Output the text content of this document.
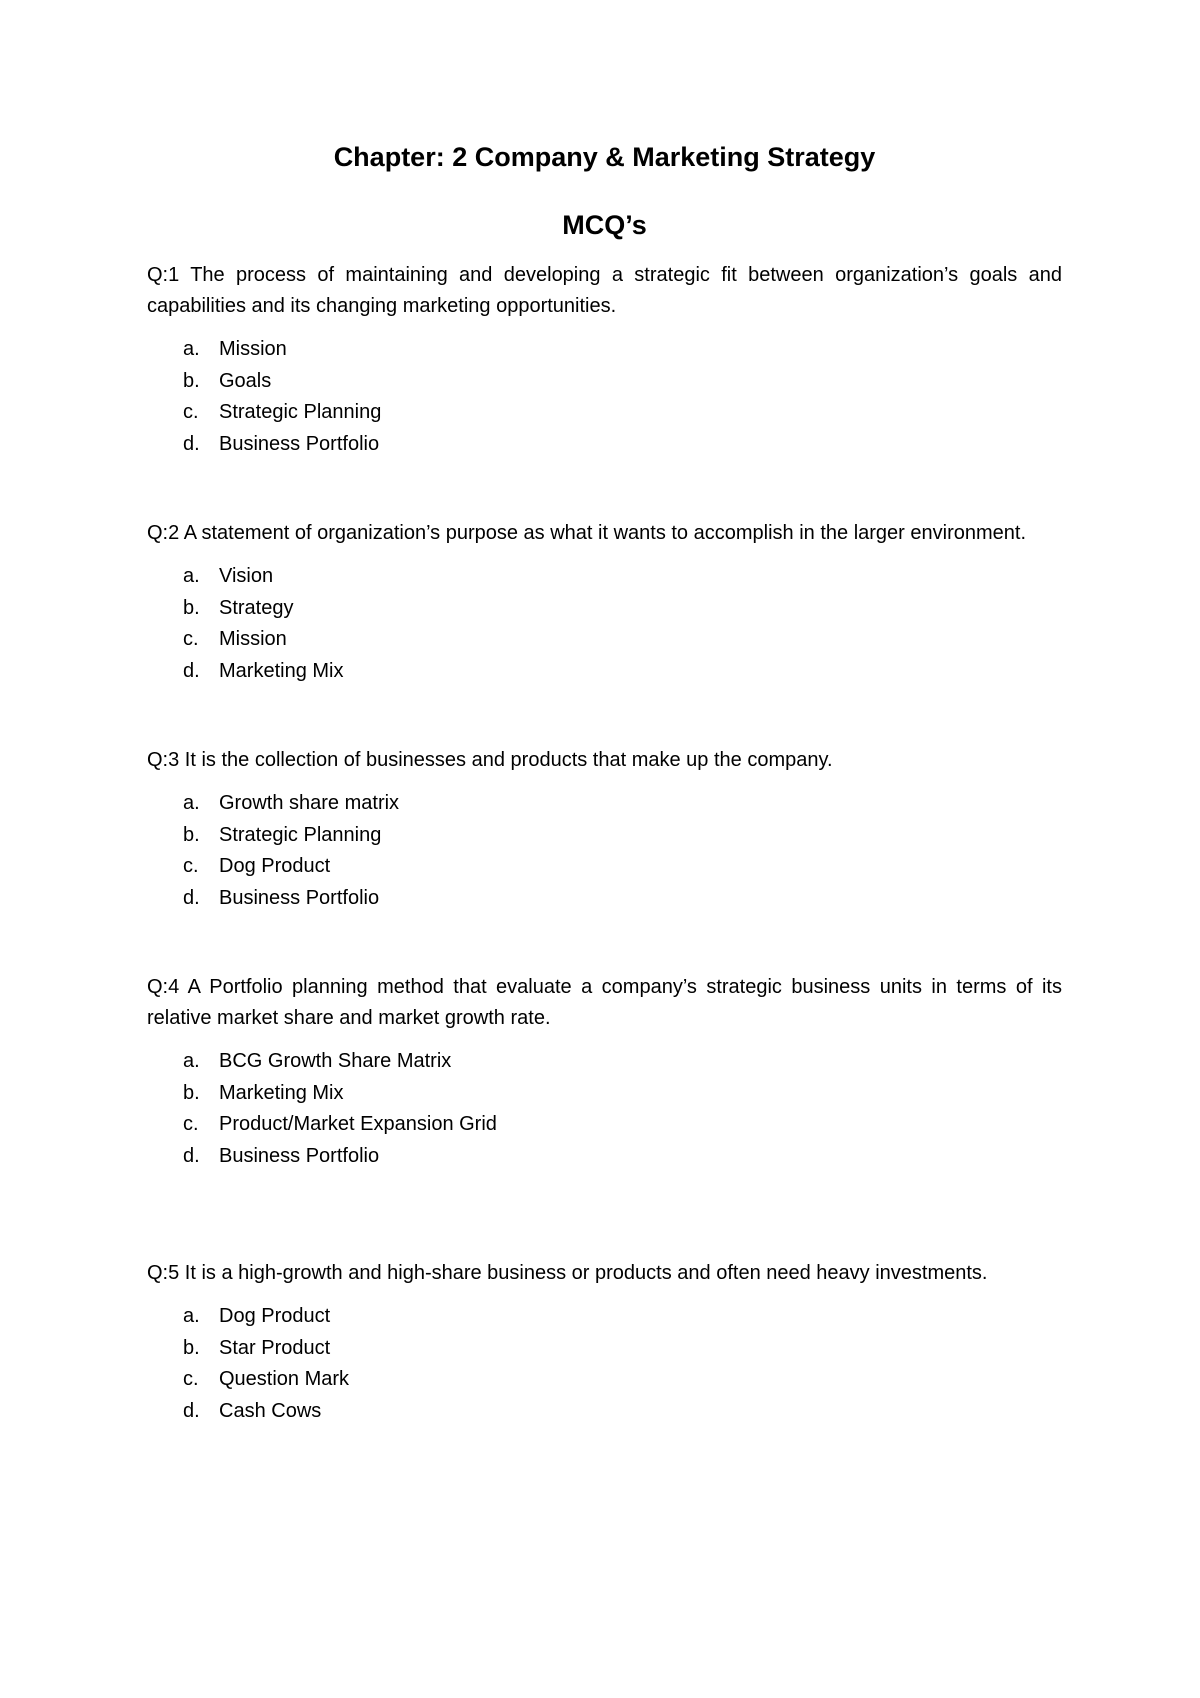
Chapter: 2 Company & Marketing Strategy
MCQ’s

Q:1 The process of maintaining and developing a strategic fit between organization’s goals and capabilities and its changing marketing opportunities.

a. Mission
b. Goals
c.	Strategic Planning
d. Business Portfolio

Q:2 A statement of organization’s purpose as what it wants to accomplish in the larger environment.

a. Vision
b. Strategy
c.	Mission
d. Marketing Mix

Q:3 It is the collection of businesses and products that make up the company.

a. Growth share matrix
b. Strategic Planning
c.	Dog Product
d. Business Portfolio

Q:4 A Portfolio planning method that evaluate a company’s strategic business units in terms of its relative market share and market growth rate.

a. BCG Growth Share Matrix
b. Marketing Mix
c.	Product/Market Expansion Grid
d. Business Portfolio

Q:5 It is a high-growth and high-share business or products and often need heavy investments.

a. Dog Product
b. Star Product
c.	Question Mark
d. Cash Cows
